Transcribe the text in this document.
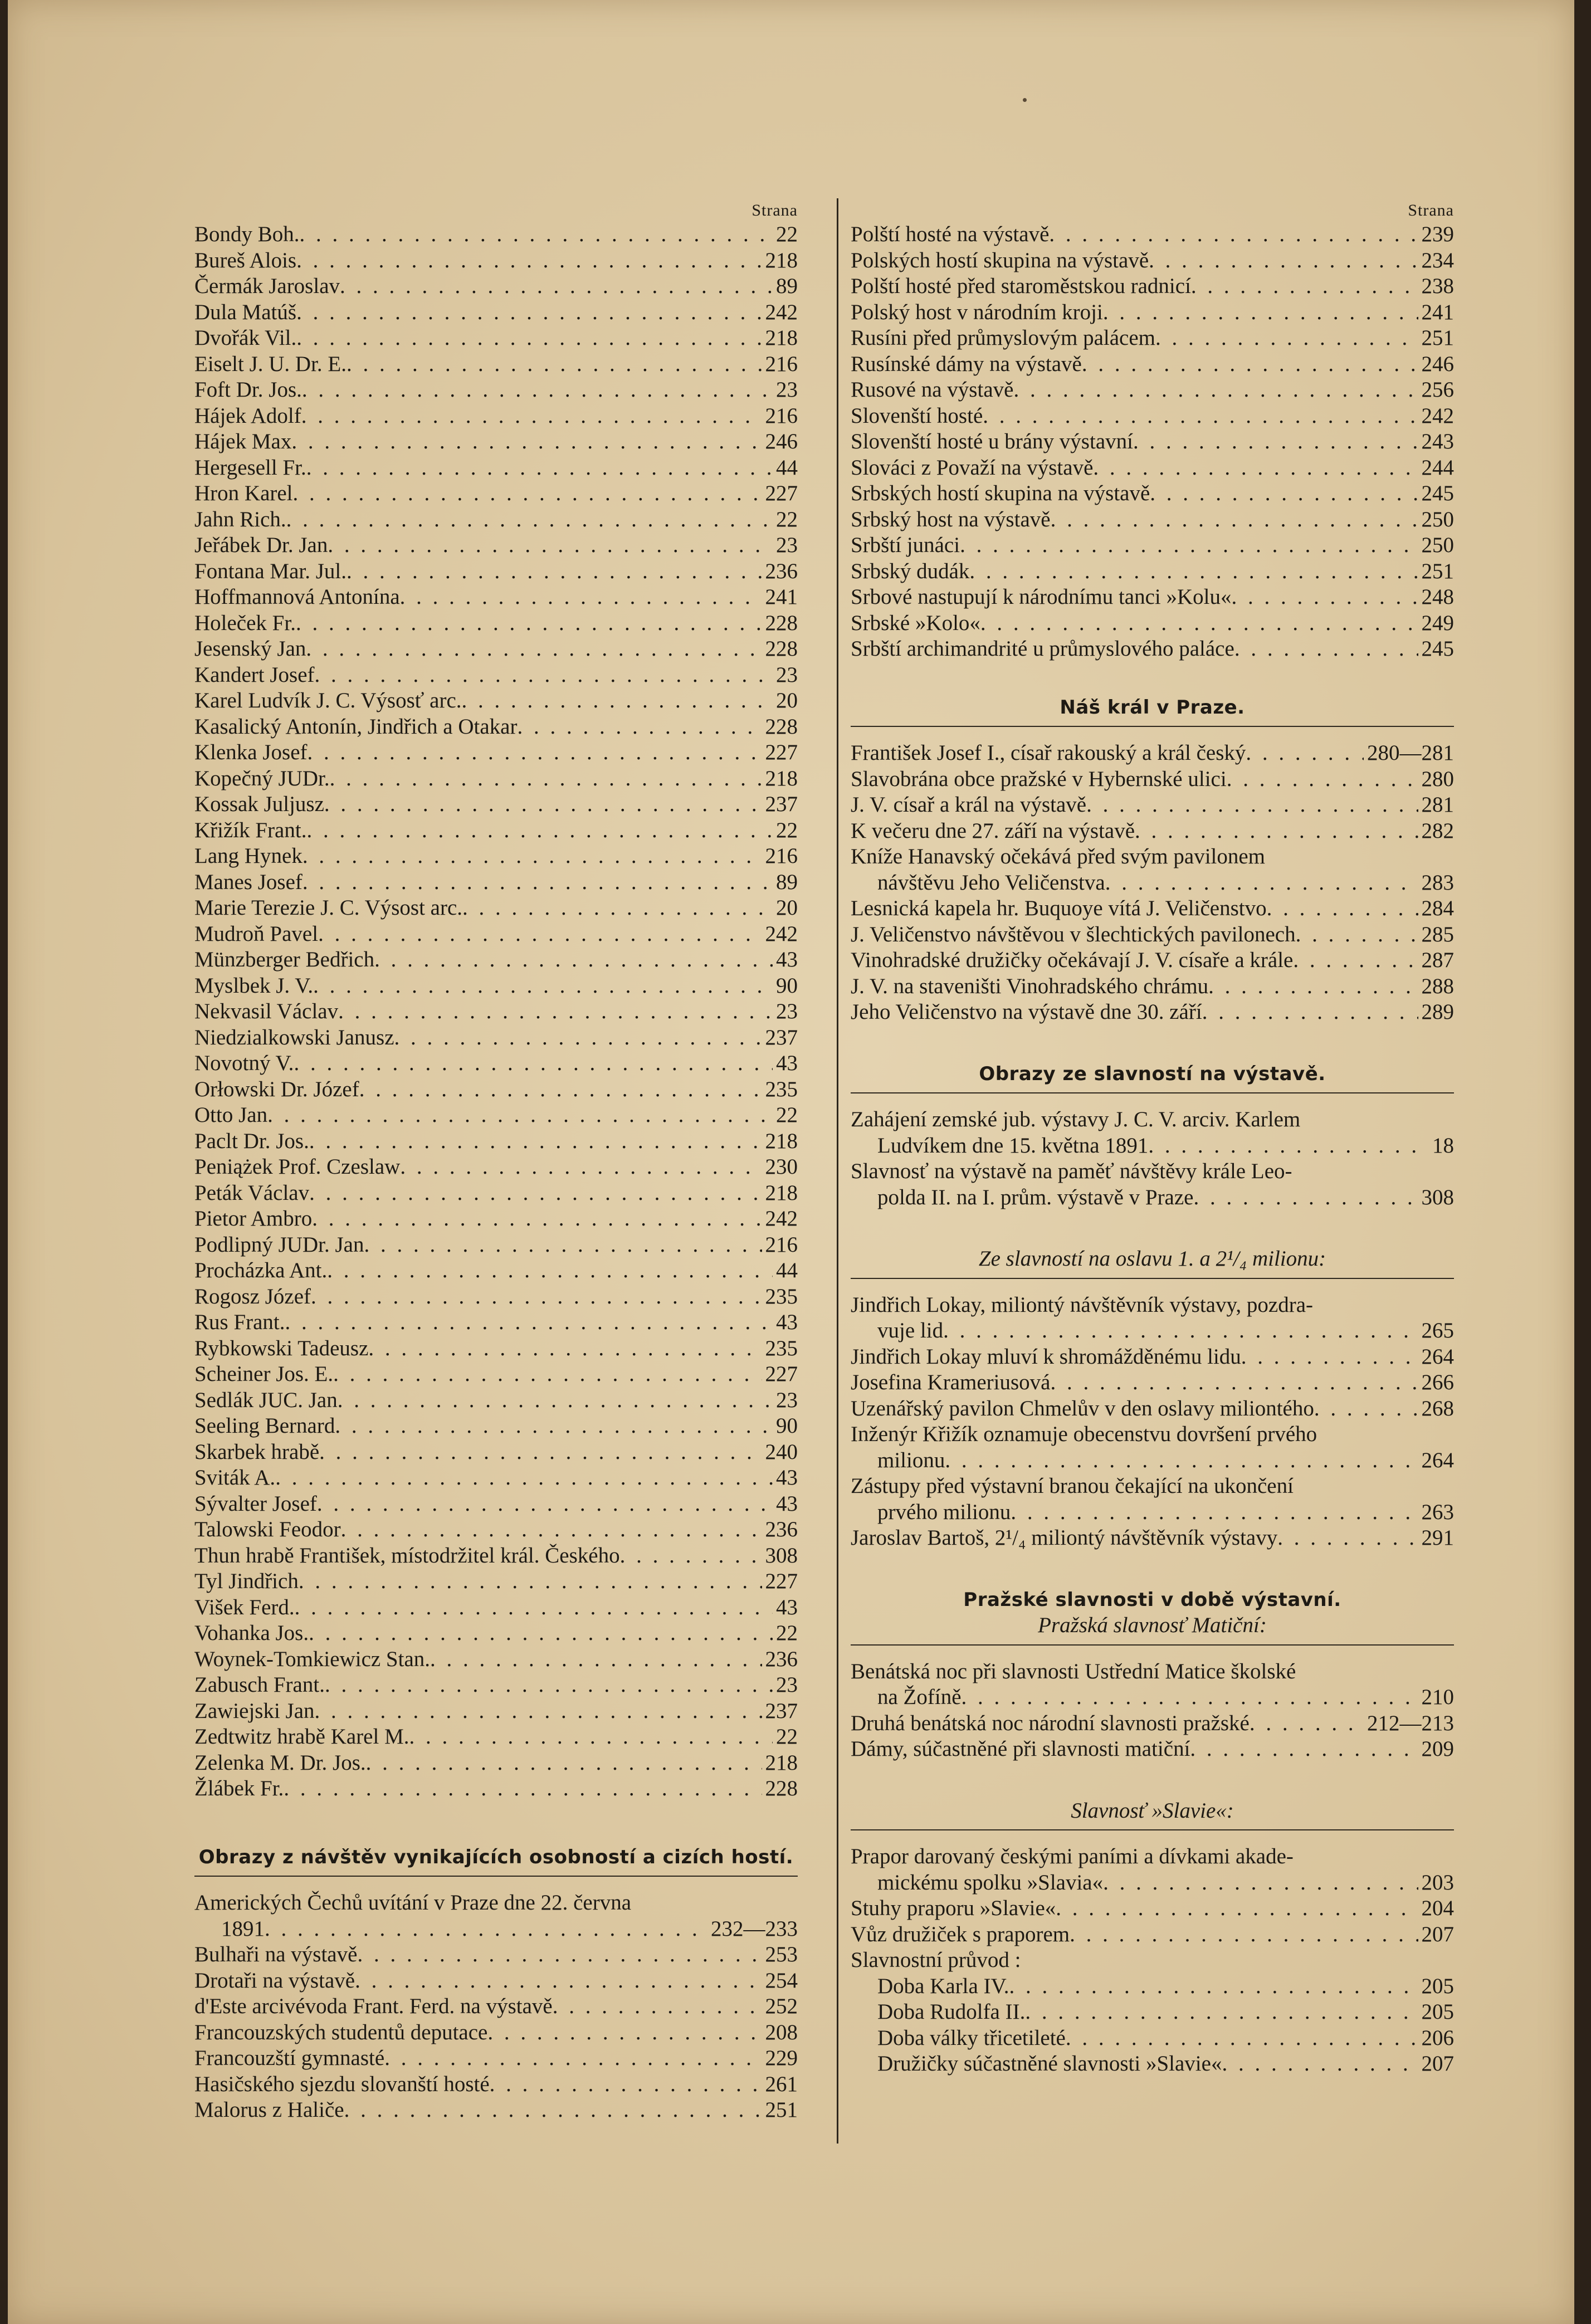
Strana
Bondy Boh. . . .	22
Bureš Alois . . .	218
Čermák Jaroslav . . .	89
Dula Matúš . . .	242
Dvořák Vil. . . .	218
Eiselt J. U. Dr. E. . . .	216
Foft Dr. Jos. . . .	23
Hájek Adolf . . .	216
Hájek Max . . .	246
Hergesell Fr. . . .	44
Hron Karel . . .	227
Jahn Rich. . . .	22
Jeřábek Dr. Jan . . .	23
Fontana Mar. Jul. . . .	236
Hoffmannová Antonína . . .	241
Holeček Fr. . . .	228
Jesenský Jan . . .	228
Kandert Josef . . .	23
Karel Ludvík J. C. Výsosť arc. . . .	20
Kasalický Antonín, Jindřich a Otakar . . .	228
Klenka Josef . . .	227
Kopečný JUDr. . . .	218
Kossak Juljusz . . .	237
Křižík Frant. . . .	22
Lang Hynek . . .	216
Manes Josef . . .	89
Marie Terezie J. C. Výsost arc. . . .	20
Mudroň Pavel . . .	242
Münzberger Bedřich . . .	43
Myslbek J. V. . . .	90
Nekvasil Václav . . .	23
Niedzialkowski Janusz . . .	237
Novotný V. . . .	43
Orłowski Dr. Józef . . .	235
Otto Jan . . .	22
Paclt Dr. Jos. . . .	218
Peniążek Prof. Czeslaw . . .	230
Peták Václav . . .	218
Pietor Ambro . . .	242
Podlipný JUDr. Jan . . .	216
Procházka Ant. . . .	44
Rogosz Józef . . .	235
Rus Frant. . . .	43
Rybkowski Tadeusz . . .	235
Scheiner Jos. E. . . .	227
Sedlák JUC. Jan . . .	23
Seeling Bernard . . .	90
Skarbek hrabě . . .	240
Sviták A. . . .	43
Sývalter Josef . . .	43
Talowski Feodor . . .	236
Thun hrabě František, místodržitel král. Českého . . .	308
Tyl Jindřich . . .	227
Višek Ferd. . . .	43
Vohanka Jos. . . .	22
Woynek-Tomkiewicz Stan. . . .	236
Zabusch Frant. . . .	23
Zawiejski Jan . . .	237
Zedtwitz hrabě Karel M. . . .	22
Zelenka M. Dr. Jos. . . .	218
Žlábek Fr. . . .	228
Obrazy z návštěv vynikajících osobností a cizích hostí.
Amerických Čechů uvítání v Praze dne 22. června
1891 . . .	232—233
Bulhaři na výstavě . . .	253
Drotaři na výstavě . . .	254
d'Este arcivévoda Frant. Ferd. na výstavě . . .	252
Francouzských studentů deputace . . .	208
Francouzští gymnasté . . .	229
Hasičského sjezdu slovanští hosté . . .	261
Malorus z Haliče . . .	251
Strana
Polští hosté na výstavě . . .	239
Polských hostí skupina na výstavě . . .	234
Polští hosté před staroměstskou radnicí . . .	238
Polský host v národním kroji . . .	241
Rusíni před průmyslovým palácem . . .	251
Rusínské dámy na výstavě . . .	246
Rusové na výstavě . . .	256
Slovenští hosté . . .	242
Slovenští hosté u brány výstavní . . .	243
Slováci z Považí na výstavě . . .	244
Srbských hostí skupina na výstavě . . .	245
Srbský host na výstavě . . .	250
Srbští junáci . . .	250
Srbský dudák . . .	251
Srbové nastupují k národnímu tanci »Kolu« . . .	248
Srbské »Kolo« . . .	249
Srbští archimandrité u průmyslového paláce . . .	245
Náš král v Praze.
František Josef I., císař rakouský a král český . . .	280—281
Slavobrána obce pražské v Hybernské ulici . . .	280
J. V. císař a král na výstavě . . .	281
K večeru dne 27. září na výstavě . . .	282
Kníže Hanavský očekává před svým pavilonem
návštěvu Jeho Veličenstva . . .	283
Lesnická kapela hr. Buquoye vítá J. Veličenstvo . . .	284
J. Veličenstvo návštěvou v šlechtických pavilonech . . .	285
Vinohradské družičky očekávají J. V. císaře a krále . . .	287
J. V. na staveništi Vinohradského chrámu . . .	288
Jeho Veličenstvo na výstavě dne 30. září . . .	289
Obrazy ze slavností na výstavě.
Zahájení zemské jub. výstavy J. C. V. arciv. Karlem
Ludvíkem dne 15. května 1891 . . .	18
Slavnosť na výstavě na paměť návštěvy krále Leo-
polda II. na I. prům. výstavě v Praze . . .	308
Ze slavností na oslavu 1. a 2¹/₄ milionu:
Jindřich Lokay, miliontý návštěvník výstavy, pozdra-
vuje lid . . .	265
Jindřich Lokay mluví k shromážděnému lidu . . .	264
Josefina Krameriusová . . .	266
Uzenářský pavilon Chmelův v den oslavy miliontého . . .	268
Inženýr Křižík oznamuje obecenstvu dovršení prvého
milionu . . .	264
Zástupy před výstavní branou čekající na ukončení
prvého milionu . . .	263
Jaroslav Bartoš, 2¹/₄ miliontý návštěvník výstavy . . .	291
Pražské slavnosti v době výstavní.
Pražská slavnosť Matiční:
Benátská noc při slavnosti Ustřední Matice školské
na Žofíně . . .	210
Druhá benátská noc národní slavnosti pražské . . .	212—213
Dámy, súčastněné při slavnosti matiční . . .	209
Slavnosť »Slavie«:
Prapor darovaný českými paními a dívkami akade-
mickému spolku »Slavia« . . .	203
Stuhy praporu »Slavie« . . .	204
Vůz družiček s praporem . . .	207
Slavnostní průvod :
Doba Karla IV. . . .	205
Doba Rudolfa II. . . .	205
Doba války třicetileté . . .	206
Družičky súčastněné slavnosti »Slavie« . . .	207
